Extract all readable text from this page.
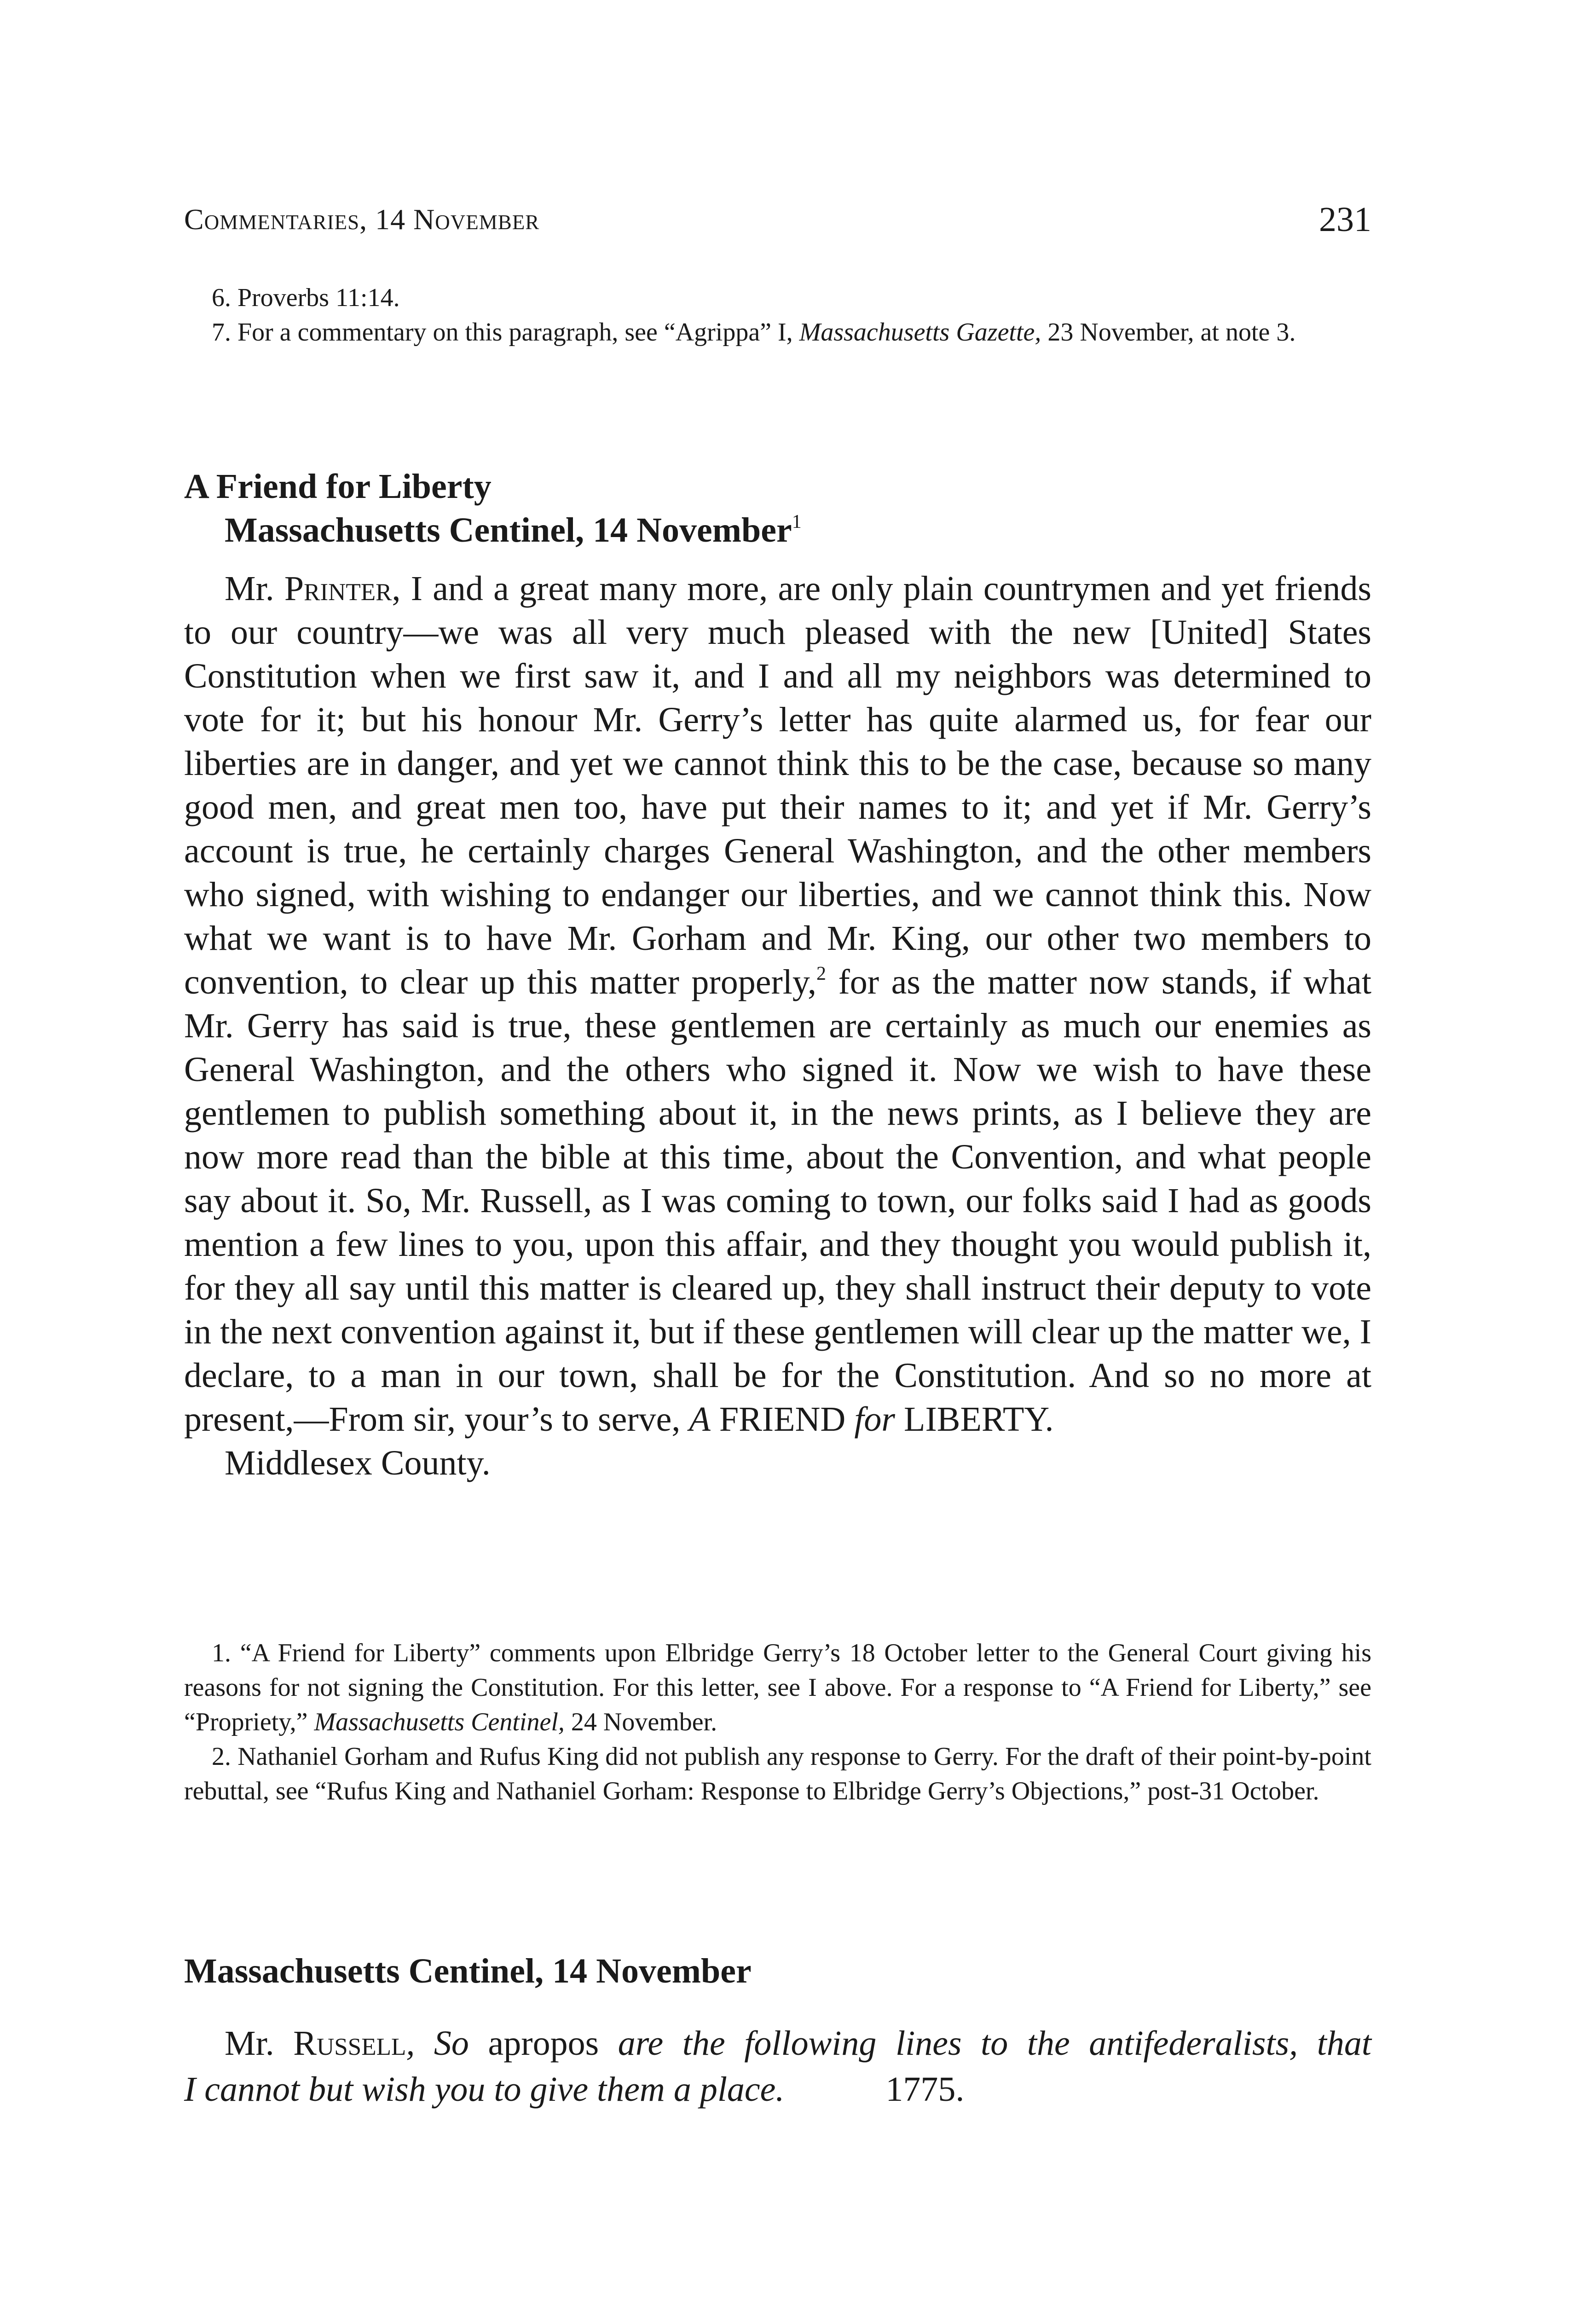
Commentaries, 14 November	231

6. Proverbs 11:14.

7. For a commentary on this paragraph, see “Agrippa” I, Massachusetts Gazette, 23 November, at note 3.

A Friend for Liberty
Massachusetts Centinel, 14 November$^1$

Mr. Printer, I and a great many more, are only plain countrymen and yet friends to our country—we was all very much pleased with the new [United] States Constitution when we first saw it, and I and all my neighbors was determined to vote for it; but his honour Mr. Gerry’s letter has quite alarmed us, for fear our liberties are in danger, and yet we cannot think this to be the case, because so many good men, and great men too, have put their names to it; and yet if Mr. Gerry’s account is true, he certainly charges General Washington, and the other members who signed, with wishing to endanger our liberties, and we cannot think this. Now what we want is to have Mr. Gorham and Mr. King, our other two members to convention, to clear up this matter properly,$^2$ for as the matter now stands, if what Mr. Gerry has said is true, these gentlemen are certainly as much our enemies as General Washington, and the others who signed it. Now we wish to have these gentlemen to publish something about it, in the news prints, as I believe they are now more read than the bible at this time, about the Convention, and what people say about it. So, Mr. Russell, as I was coming to town, our folks said I had as goods mention a few lines to you, upon this affair, and they thought you would publish it, for they all say until this matter is cleared up, they shall instruct their deputy to vote in the next convention against it, but if these gentlemen will clear up the matter we, I declare, to a man in our town, shall be for the Constitution. And so no more at present,—From sir, your’s to serve, A FRIEND for LIBERTY.

Middlesex County.

1. “A Friend for Liberty” comments upon Elbridge Gerry’s 18 October letter to the General Court giving his reasons for not signing the Constitution. For this letter, see I above. For a response to “A Friend for Liberty,” see “Propriety,” Massachusetts Centinel, 24 November.

2. Nathaniel Gorham and Rufus King did not publish any response to Gerry. For the draft of their point-by-point rebuttal, see “Rufus King and Nathaniel Gorham: Response to Elbridge Gerry’s Objections,” post-31 October.

Massachusetts Centinel, 14 November

Mr. Russell, So apropos are the following lines to the antifederalists, that

I cannot but wish you to give them a place.	1775.
